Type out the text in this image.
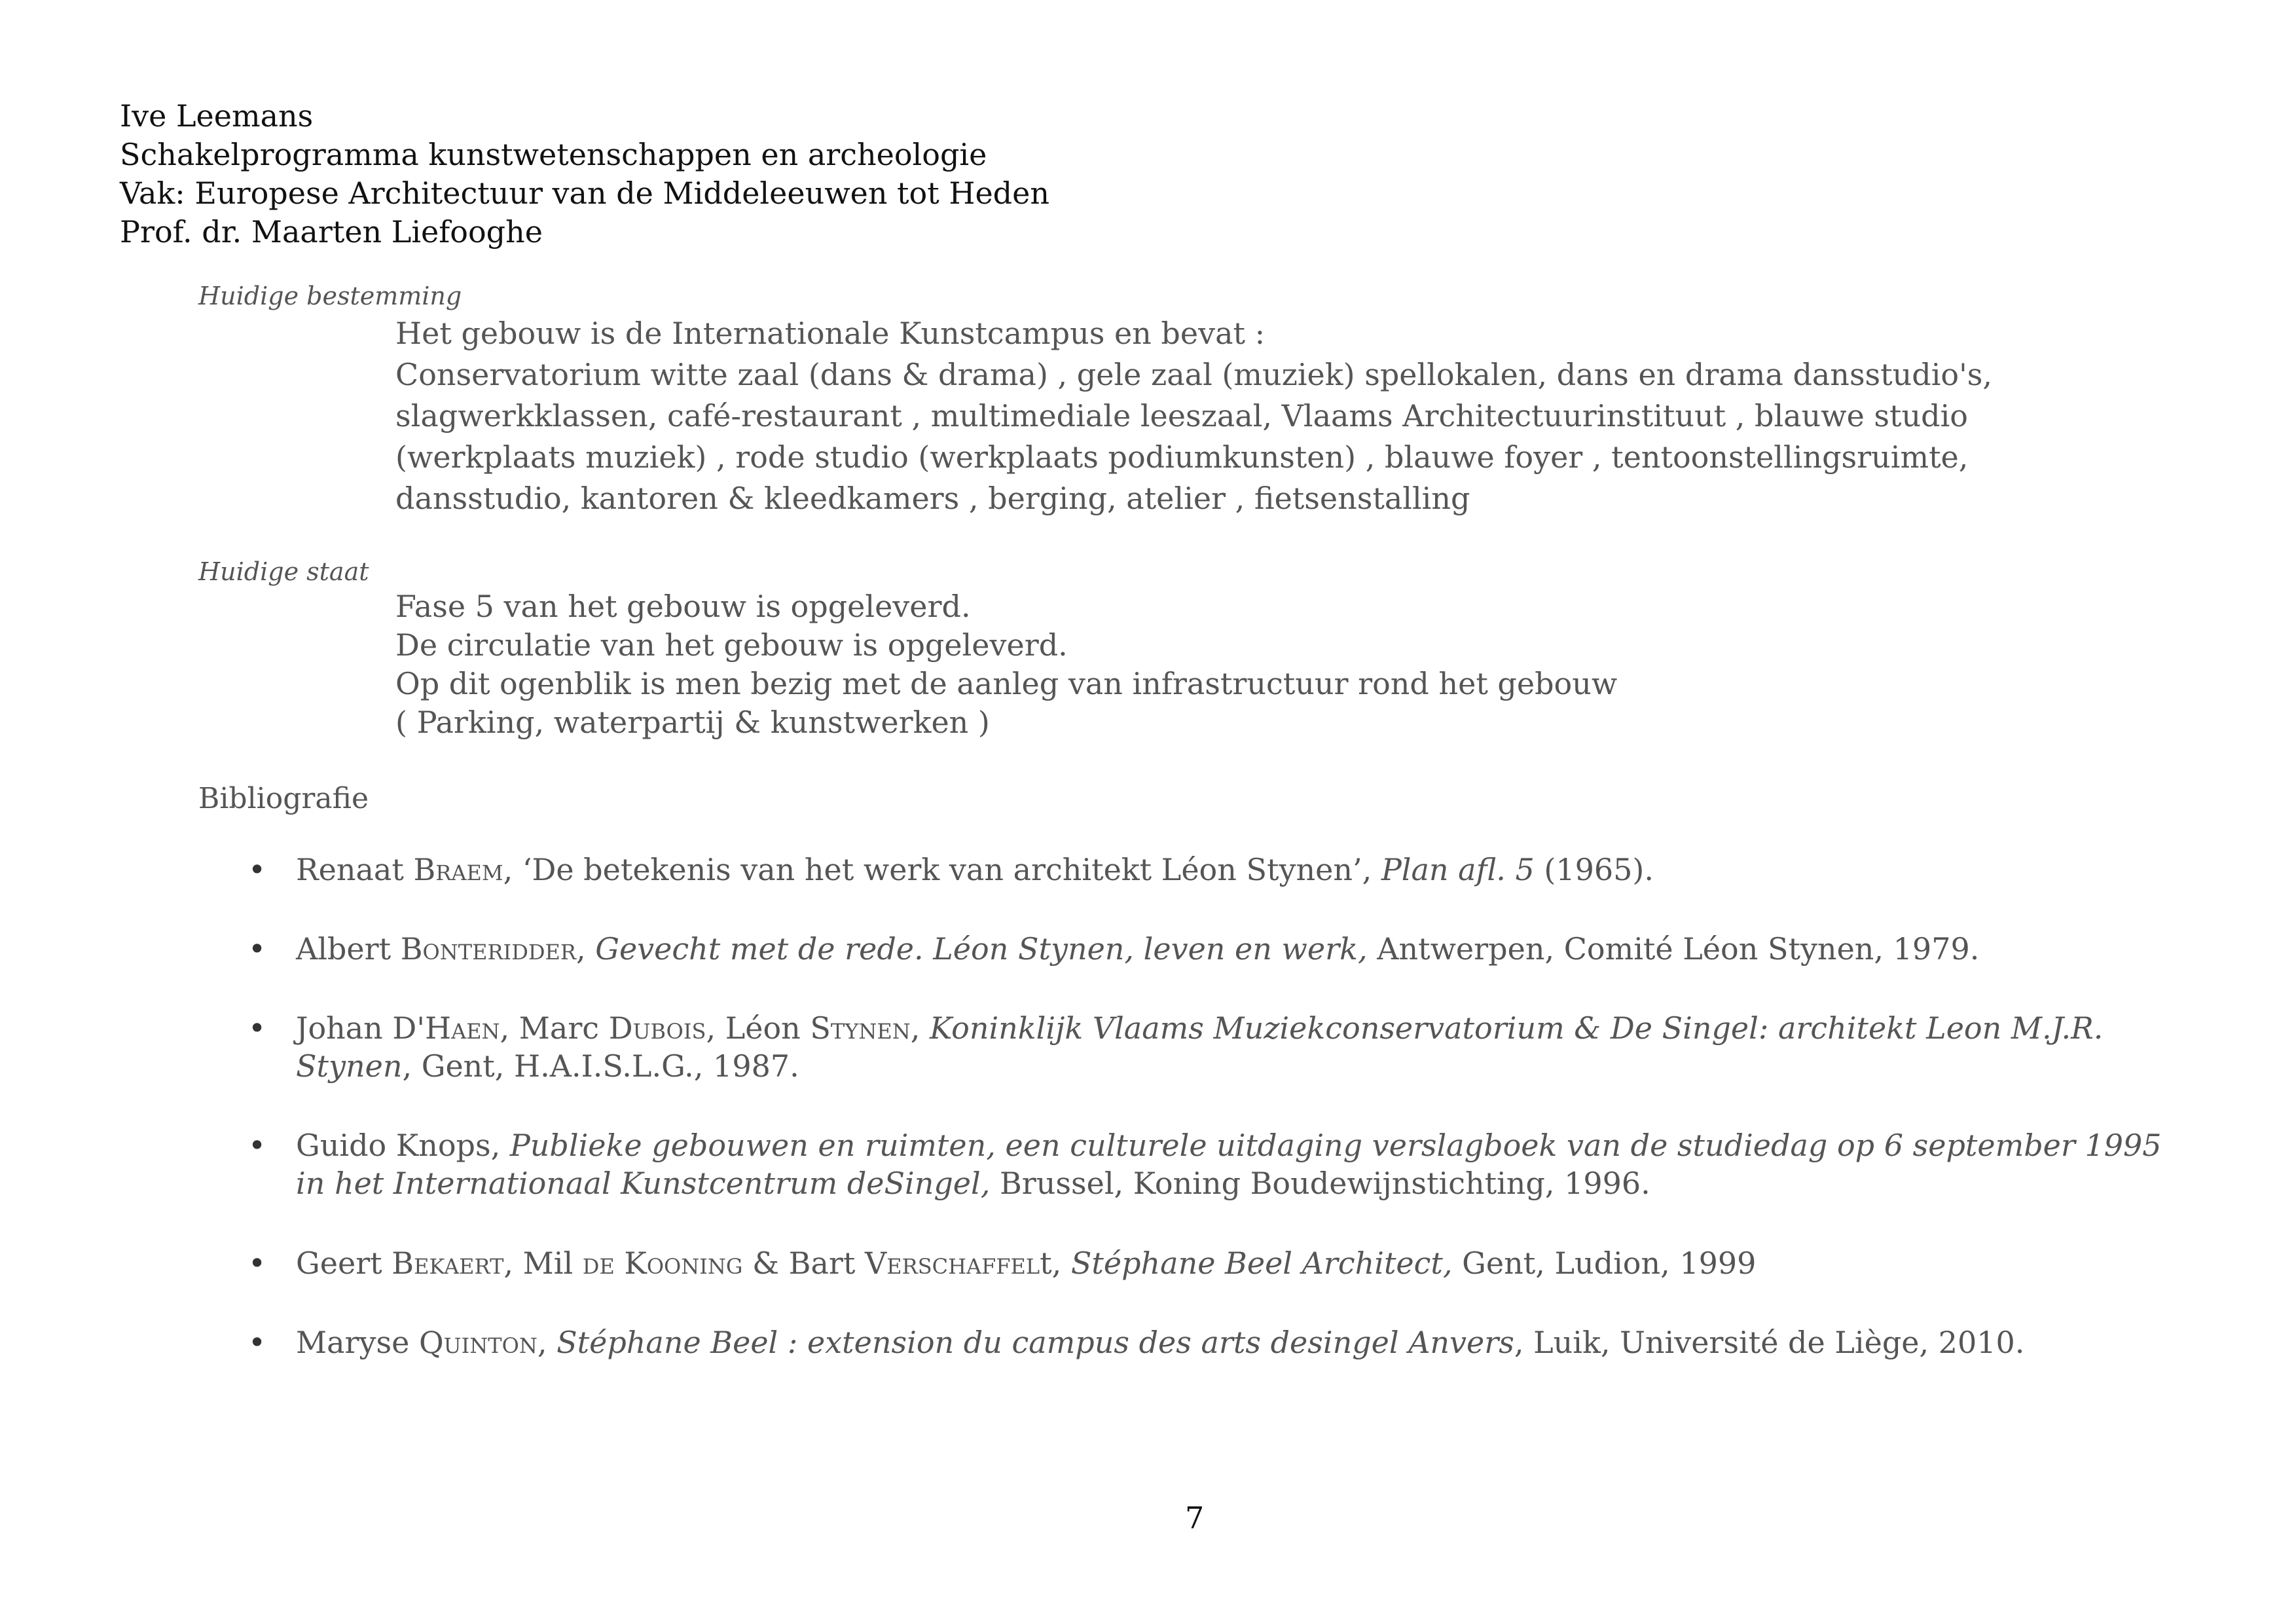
Ive Leemans
Schakelprogramma kunstwetenschappen en archeologie
Vak: Europese Architectuur van de Middeleeuwen tot Heden
Prof. dr. Maarten Liefooghe
Huidige bestemming
Het gebouw is de Internationale Kunstcampus en bevat :
Conservatorium witte zaal (dans & drama) , gele zaal (muziek) spellokalen, dans en drama dansstudio's,
slagwerkklassen, café-restaurant , multimediale leeszaal, Vlaams Architectuurinstituut , blauwe studio
(werkplaats muziek) , rode studio (werkplaats podiumkunsten) , blauwe foyer , tentoonstellingsruimte,
dansstudio, kantoren & kleedkamers , berging, atelier , fietsenstalling
Huidige staat
Fase 5 van het gebouw is opgeleverd.
De circulatie van het gebouw is opgeleverd.
Op dit ogenblik is men bezig met de aanleg van infrastructuur rond het gebouw
( Parking, waterpartij & kunstwerken )
Bibliografie
• Renaat Braem, ‘De betekenis van het werk van architekt Léon Stynen’, Plan afl. 5 (1965).
• Albert Bonteridder, Gevecht met de rede. Léon Stynen, leven en werk, Antwerpen, Comité Léon Stynen, 1979.
• Johan D'Haen, Marc Dubois, Léon Stynen, Koninklijk Vlaams Muziekconservatorium & De Singel: architekt Leon M.J.R.
Stynen, Gent, H.A.I.S.L.G., 1987.
• Guido Knops, Publieke gebouwen en ruimten, een culturele uitdaging verslagboek van de studiedag op 6 september 1995
in het Internationaal Kunstcentrum deSingel, Brussel, Koning Boudewijnstichting, 1996.
• Geert Bekaert, Mil de Kooning & Bart Verschaffelt, Stéphane Beel Architect, Gent, Ludion, 1999
• Maryse Quinton, Stéphane Beel : extension du campus des arts desingel Anvers, Luik, Université de Liège, 2010.
7
